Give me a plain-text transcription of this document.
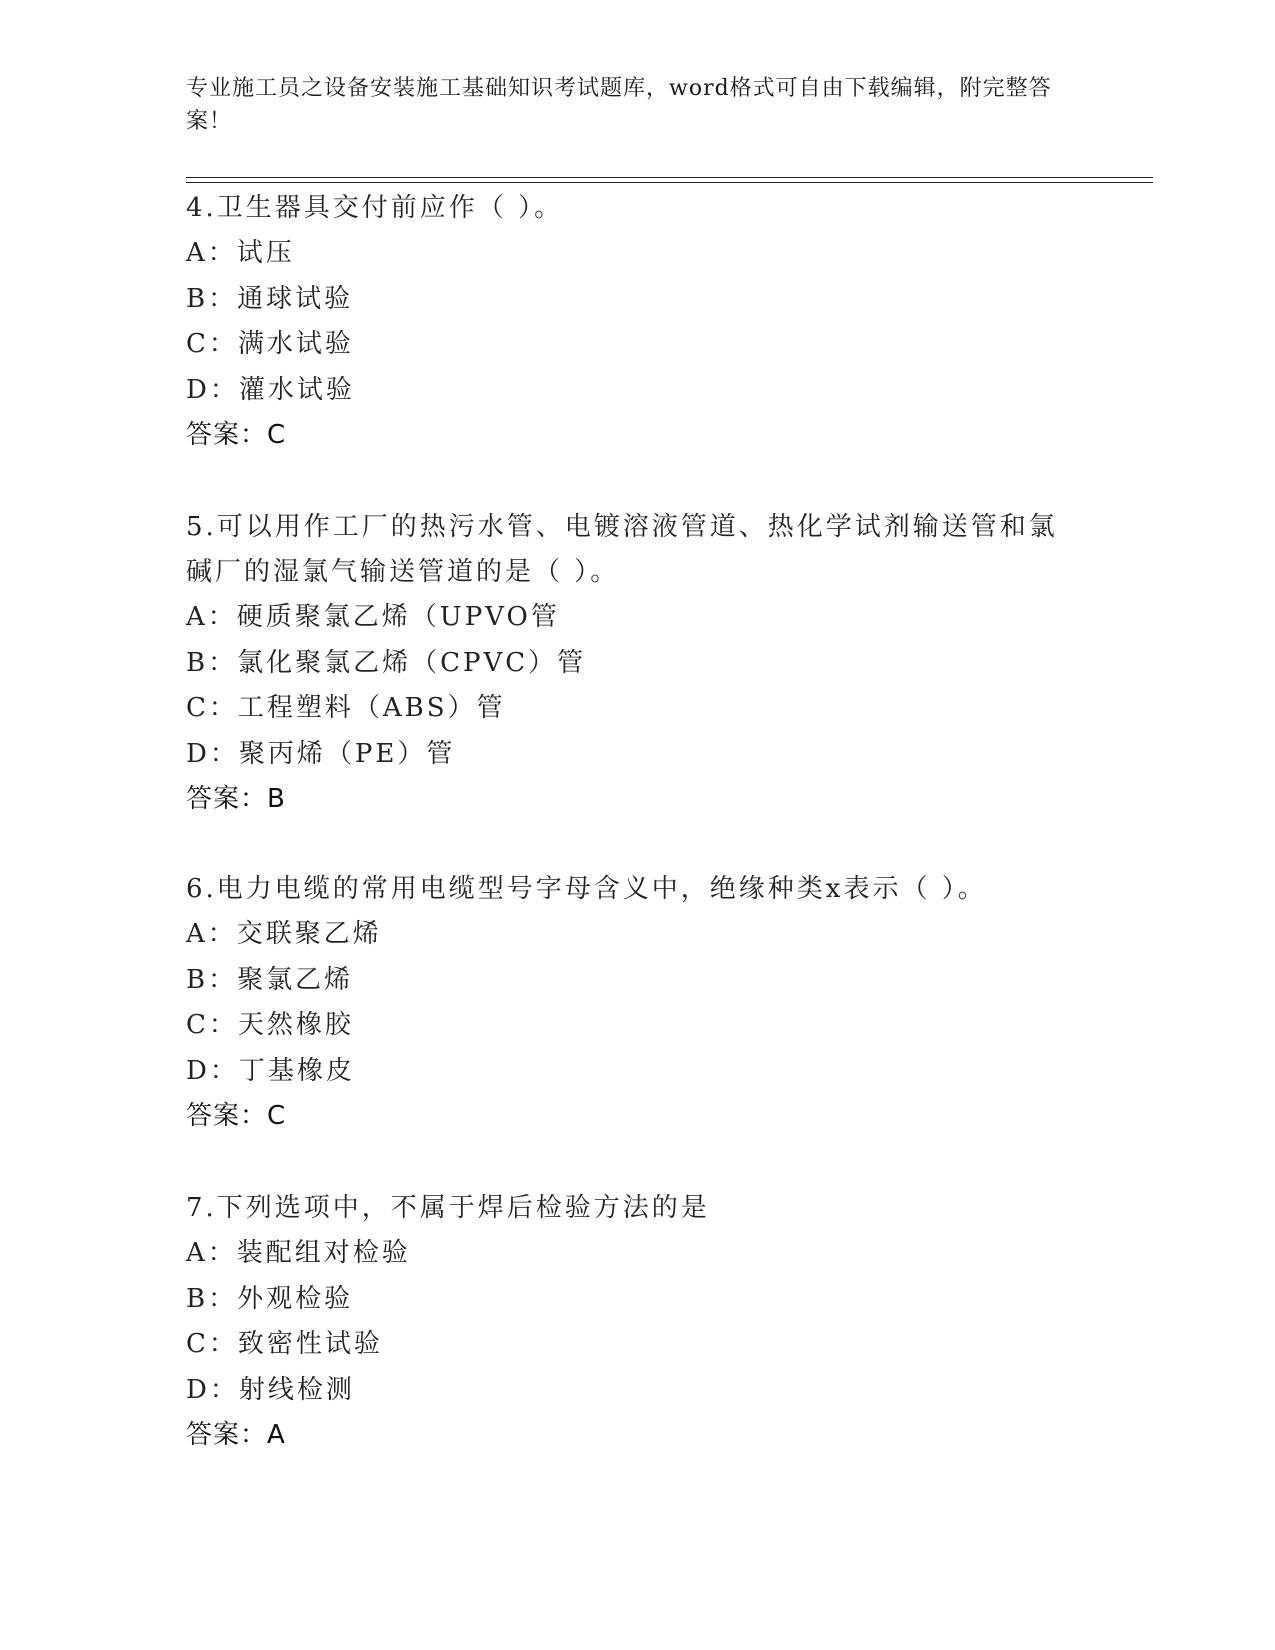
专业施工员之设备安装施工基础知识考试题库，word格式可自由下载编辑，附完整答案！
4.卫生器具交付前应作（ ）。
A：试压
B：通球试验
C：满水试验
D：灌水试验
答案：C
5.可以用作工厂的热污水管、电镀溶液管道、热化学试剂输送管和氯碱厂的湿氯气输送管道的是（ ）。
A：硬质聚氯乙烯（UPVO管
B：氯化聚氯乙烯（CPVC）管
C：工程塑料（ABS）管
D：聚丙烯（PE）管
答案：B
6.电力电缆的常用电缆型号字母含义中，绝缘种类x表示（ ）。
A：交联聚乙烯
B：聚氯乙烯
C：天然橡胶
D：丁基橡皮
答案：C
7.下列选项中，不属于焊后检验方法的是
A：装配组对检验
B：外观检验
C：致密性试验
D：射线检测
答案：A
